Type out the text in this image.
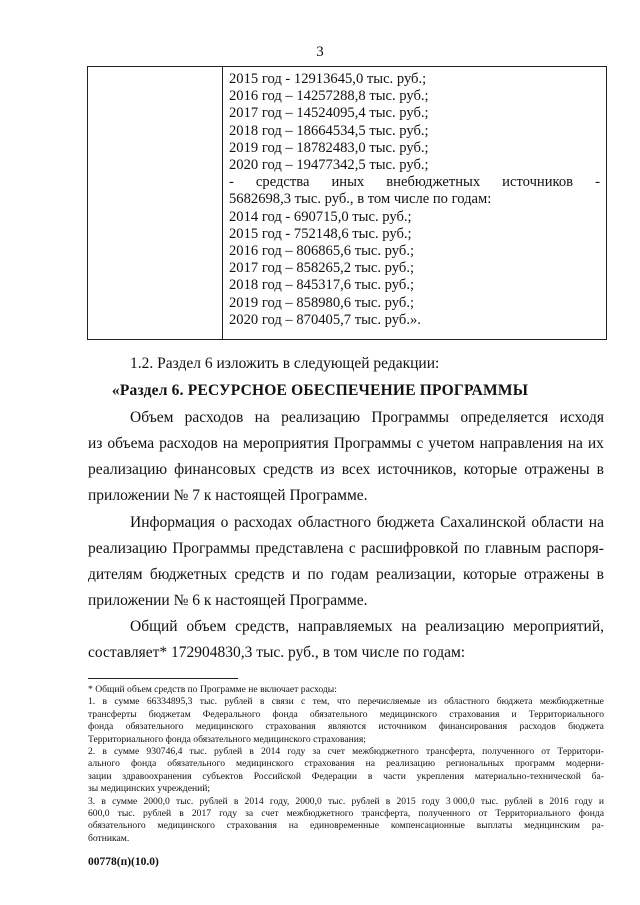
3
2015 год - 12913645,0 тыс. руб.;
2016 год – 14257288,8 тыс. руб.;
2017 год – 14524095,4 тыс. руб.;
2018 год – 18664534,5 тыс. руб.;
2019 год – 18782483,0 тыс. руб.;
2020 год – 19477342,5 тыс. руб.;
- средства иных внебюджетных источников -
5682698,3 тыс. руб., в том числе по годам:
2014 год - 690715,0 тыс. руб.;
2015 год - 752148,6 тыс. руб.;
2016 год – 806865,6 тыс. руб.;
2017 год – 858265,2 тыс. руб.;
2018 год – 845317,6 тыс. руб.;
2019 год – 858980,6 тыс. руб.;
2020 год – 870405,7 тыс. руб.».
1.2. Раздел 6 изложить в следующей редакции:
«Раздел 6. РЕСУРСНОЕ ОБЕСПЕЧЕНИЕ ПРОГРАММЫ
Объем расходов на реализацию Программы определяется исходя
из объема расходов на мероприятия Программы с учетом направления на их
реализацию финансовых средств из всех источников, которые отражены в
приложении № 7 к настоящей Программе.
Информация о расходах областного бюджета Сахалинской области на
реализацию Программы представлена с расшифровкой по главным распоря-
дителям бюджетных средств и по годам реализации, которые отражены в
приложении № 6 к настоящей Программе.
Общий объем средств, направляемых на реализацию мероприятий,
составляет* 172904830,3 тыс. руб., в том числе по годам:
* Общий объем средств по Программе не включает расходы:
1. в сумме 66334895,3 тыс. рублей в связи с тем, что перечисляемые из областного бюджета межбюджетные
трансферты бюджетам Федерального фонда обязательного медицинского страхования и Территориального
фонда обязательного медицинского страхования являются источником финансирования расходов бюджета
Территориального фонда обязательного медицинского страхования;
2. в сумме 930746,4 тыс. рублей в 2014 году за счет межбюджетного трансферта, полученного от Территори-
ального фонда обязательного медицинского страхования на реализацию региональных программ модерни-
зации здравоохранения субъектов Российской Федерации в части укрепления материально-технической ба-
зы медицинских учреждений;
3. в сумме 2000,0 тыс. рублей в 2014 году, 2000,0 тыс. рублей в 2015 году 3 000,0 тыс. рублей в 2016 году и
600,0 тыс. рублей в 2017 году за счет межбюджетного трансферта, полученного от Территориального фонда
обязательного медицинского страхования на единовременные компенсационные выплаты медицинским ра-
ботникам.
00778(п)(10.0)
